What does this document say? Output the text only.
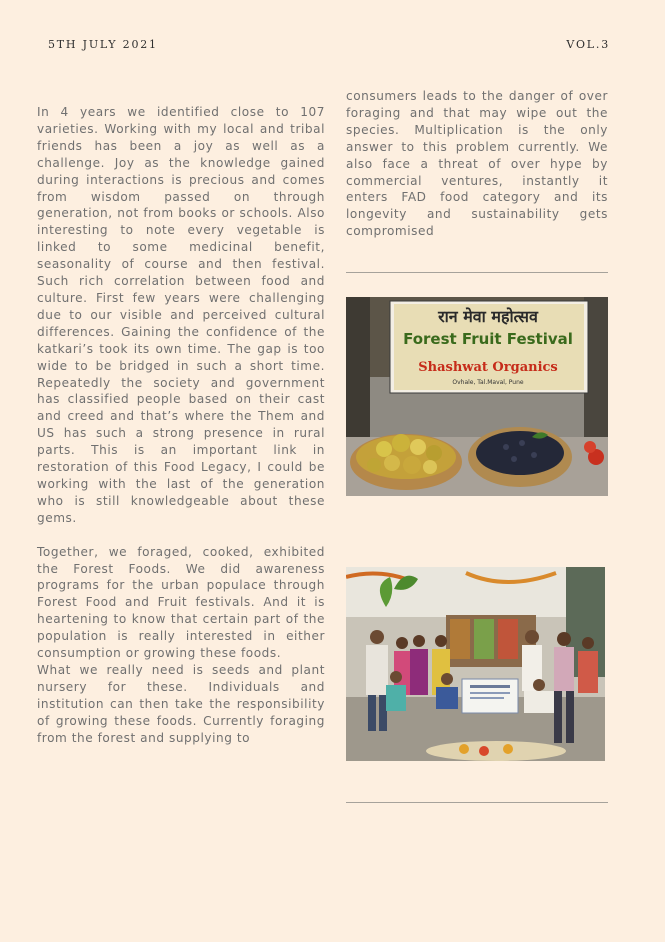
5TH JULY 2021	VOL.3

In 4 years we identified close to 107 varieties. Working with my local and tribal friends has been a joy as well as a challenge. Joy as the knowledge gained during interactions is precious and comes from wisdom passed on through generation, not from books or schools. Also interesting to note every vegetable is linked to some medicinal benefit, seasonality of course and then festival. Such rich correlation between food and culture. First few years were challenging due to our visible and perceived cultural differences. Gaining the confidence of the katkari’s took its own time. The gap is too wide to be bridged in such a short time. Repeatedly the society and government has classified people based on their cast and creed and that’s where the Them and US has such a strong presence in rural parts. This is an important link in restoration of this Food Legacy, I could be working with the last of the generation who is still knowledgeable about these gems.

Together, we foraged, cooked, exhibited the Forest Foods. We did awareness programs for the urban populace through Forest Food and Fruit festivals. And it is heartening to know that certain part of the population is really interested in either consumption or growing these foods.

What we really need is seeds and plant nursery for these. Individuals and institution can then take the responsibility of growing these foods. Currently foraging from the forest and supplying to

consumers leads to the danger of over foraging and that may wipe out the species. Multiplication is the only answer to this problem currently. We also face a threat of over hype by commercial ventures, instantly it enters FAD food category and its longevity and sustainability gets compromised

रान मेवा महोत्सव
Forest Fruit Festival
Shashwat Organics
Ovhale, Tal.Maval, Pune
